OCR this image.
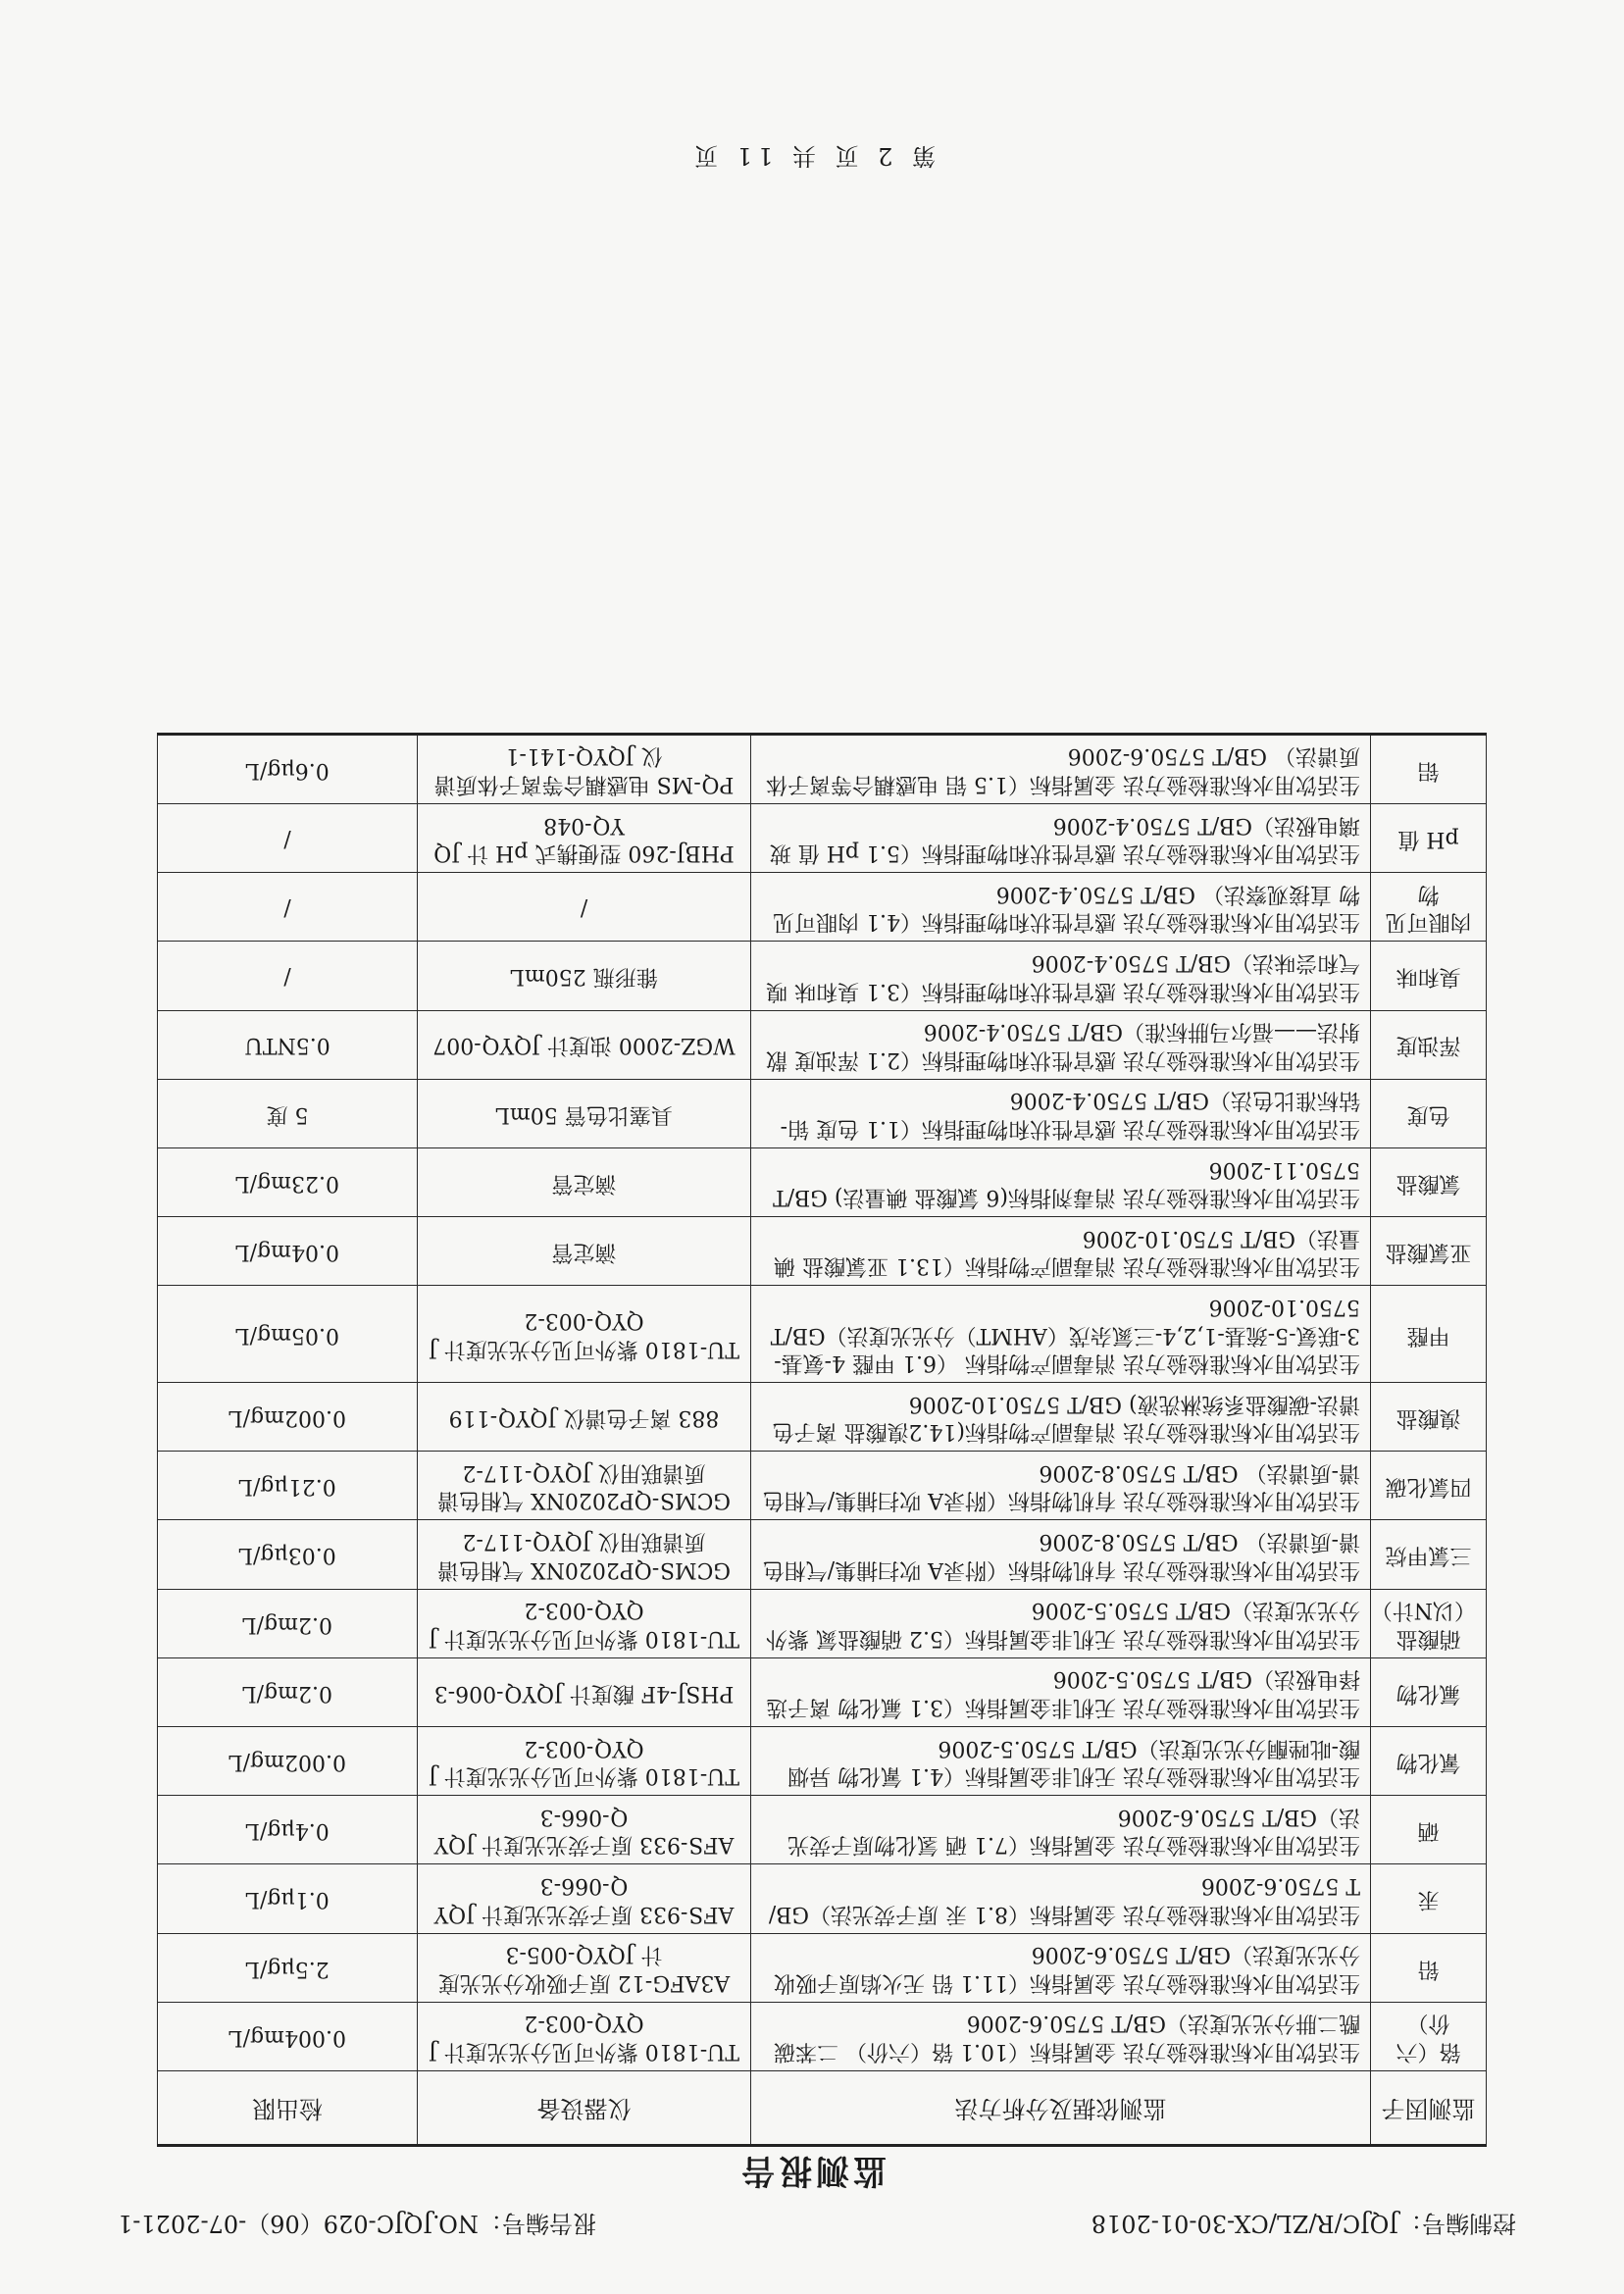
控制编号：JQJC/R/ZL/CX-30-01-2018
报告编号：NO.JQJC-029（06）-07-2021-1
监测报告
监测因子	监测依据及分析方法	仪器设备	检出限
铬（六价）	生活饮用水标准检验方法 金属指标（10.1 铬（六价） 二苯碳酰二肼分光光度法）GB/T 5750.6-2006	TU-1810 紫外可见分光光度计 JQYQ-003-2	0.004mg/L
铅	生活饮用水标准检验方法 金属指标（11.1 铅 无火焰原子吸收分光光度法）GB/T 5750.6-2006	A3AFG-12 原子吸收分光光度计 JQYQ-005-3	2.5μg/L
汞	生活饮用水标准检验方法 金属指标（8.1 汞 原子荧光法）GB/T 5750.6-2006	AFS-933 原子荧光光度计 JQYQ-066-3	0.1μg/L
硒	生活饮用水标准检验方法 金属指标（7.1 硒 氢化物原子荧光法）GB/T 5750.6-2006	AFS-933 原子荧光光度计 JQYQ-066-3	0.4μg/L
氰化物	生活饮用水标准检验方法 无机非金属指标（4.1 氰化物 异烟酸-吡唑酮分光光度法）GB/T 5750.5-2006	TU-1810 紫外可见分光光度计 JQYQ-003-2	0.002mg/L
氟化物	生活饮用水标准检验方法 无机非金属指标（3.1 氟化物 离子选择电极法）GB/T 5750.5-2006	PHSJ-4F 酸度计 JQYQ-006-3	0.2mg/L
硝酸盐（以N计）	生活饮用水标准检验方法 无机非金属指标（5.2 硝酸盐氮 紫外分光光度法）GB/T 5750.5-2006	TU-1810 紫外可见分光光度计 JQYQ-003-2	0.2mg/L
三氯甲烷	生活饮用水标准检验方法 有机物指标（附录A 吹扫捕集/气相色谱-质谱法） GB/T 5750.8-2006	GCMS-QP2020NX 气相色谱质谱联用仪 JQYQ-117-2	0.03μg/L
四氯化碳	生活饮用水标准检验方法 有机物指标（附录A 吹扫捕集/气相色谱-质谱法） GB/T 5750.8-2006	GCMS-QP2020NX 气相色谱质谱联用仪 JQYQ-117-2	0.21μg/L
溴酸盐	生活饮用水标准检验方法 消毒副产物指标(14.2溴酸盐 离子色谱法-碳酸盐系统淋洗液) GB/T 5750.10-2006	883 离子色谱仪 JQYQ-119	0.002mg/L
甲醛	生活饮用水标准检验方法 消毒副产物指标 （6.1 甲醛 4-氨基-3-联氨-5-巯基-1,2,4-三氮杂茂（AHMT）分光光度法）GB/T 5750.10-2006	TU-1810 紫外可见分光光度计 JQYQ-003-2	0.05mg/L
亚氯酸盐	生活饮用水标准检验方法 消毒副产物指标（13.1 亚氯酸盐 碘量法）GB/T 5750.10-2006	滴定管	0.04mg/L
氯酸盐	生活饮用水标准检验方法 消毒剂指标(6 氯酸盐 碘量法) GB/T 5750.11-2006	滴定管	0.23mg/L
色度	生活饮用水标准检验方法 感官性状和物理指标（1.1 色度 铂-钴标准比色法）GB/T 5750.4-2006	具塞比色管 50mL	5 度
浑浊度	生活饮用水标准检验方法 感官性状和物理指标（2.1 浑浊度 散射法——福尔马肼标准）GB/T 5750.4-2006	WGZ-2000 浊度计 JQYQ-007	0.5NTU
臭和味	生活饮用水标准检验方法 感官性状和物理指标（3.1 臭和味 嗅气和尝味法）GB/T 5750.4-2006	锥形瓶 250mL	/
肉眼可见物	生活饮用水标准检验方法 感官性状和物理指标（4.1 肉眼可见物 直接观察法） GB/T 5750.4-2006	/	/
pH 值	生活饮用水标准检验方法 感官性状和物理指标（5.1 pH 值 玻璃电极法）GB/T 5750.4-2006	PHBJ-260 型便携式 pH 计 JQYQ-048	/
铝	生活饮用水标准检验方法 金属指标（1.5 铝 电感耦合等离子体质谱法） GB/T 5750.6-2006	PQ-MS 电感耦合等离子体质谱仪 JQYQ-141-1	0.6μg/L
第 2 页 共 11 页
